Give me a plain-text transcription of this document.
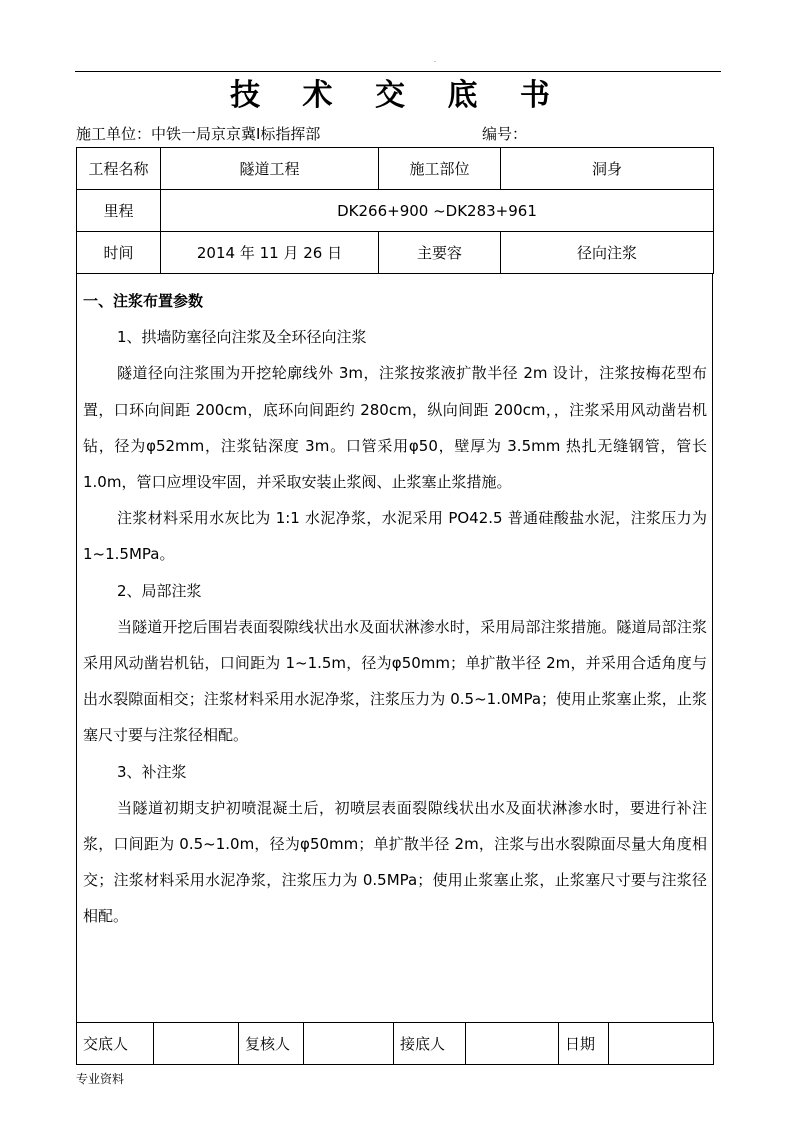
·
技 术 交 底 书
施工单位：中铁一局京京冀Ⅰ标指挥部	编号：
工程名称	隧道工程	施工部位	洞身
里程	DK266+900 ~DK283+961		
时间	2014 年 11 月 26 日	主要容	径向注浆

一、注浆布置参数

1、拱墙防塞径向注浆及全环径向注浆

隧道径向注浆围为开挖轮廓线外 3m，注浆按浆液扩散半径 2m 设计，注浆按梅花型布置，口环向间距 200cm，底环向间距约 280cm，纵向间距 200cm，，注浆采用风动凿岩机钻，径为φ52mm，注浆钻深度 3m。口管采用φ50，壁厚为 3.5mm 热扎无缝钢管，管长 1.0m，管口应埋设牢固，并采取安装止浆阀、止浆塞止浆措施。

注浆材料采用水灰比为 1:1 水泥净浆，水泥采用 PO42.5 普通硅酸盐水泥，注浆压力为 1~1.5MPa。

2、局部注浆

当隧道开挖后围岩表面裂隙线状出水及面状淋渗水时，采用局部注浆措施。隧道局部注浆采用风动凿岩机钻，口间距为 1~1.5m，径为φ50mm；单扩散半径 2m，并采用合适角度与出水裂隙面相交；注浆材料采用水泥净浆，注浆压力为 0.5~1.0MPa；使用止浆塞止浆，止浆塞尺寸要与注浆径相配。

3、补注浆

当隧道初期支护初喷混凝土后，初喷层表面裂隙线状出水及面状淋渗水时，要进行补注浆，口间距为 0.5~1.0m，径为φ50mm；单扩散半径 2m，注浆与出水裂隙面尽量大角度相交；注浆材料采用水泥净浆，注浆压力为 0.5MPa；使用止浆塞止浆，止浆塞尺寸要与注浆径相配。

交底人		复核人		接底人		日期	
专业资料
